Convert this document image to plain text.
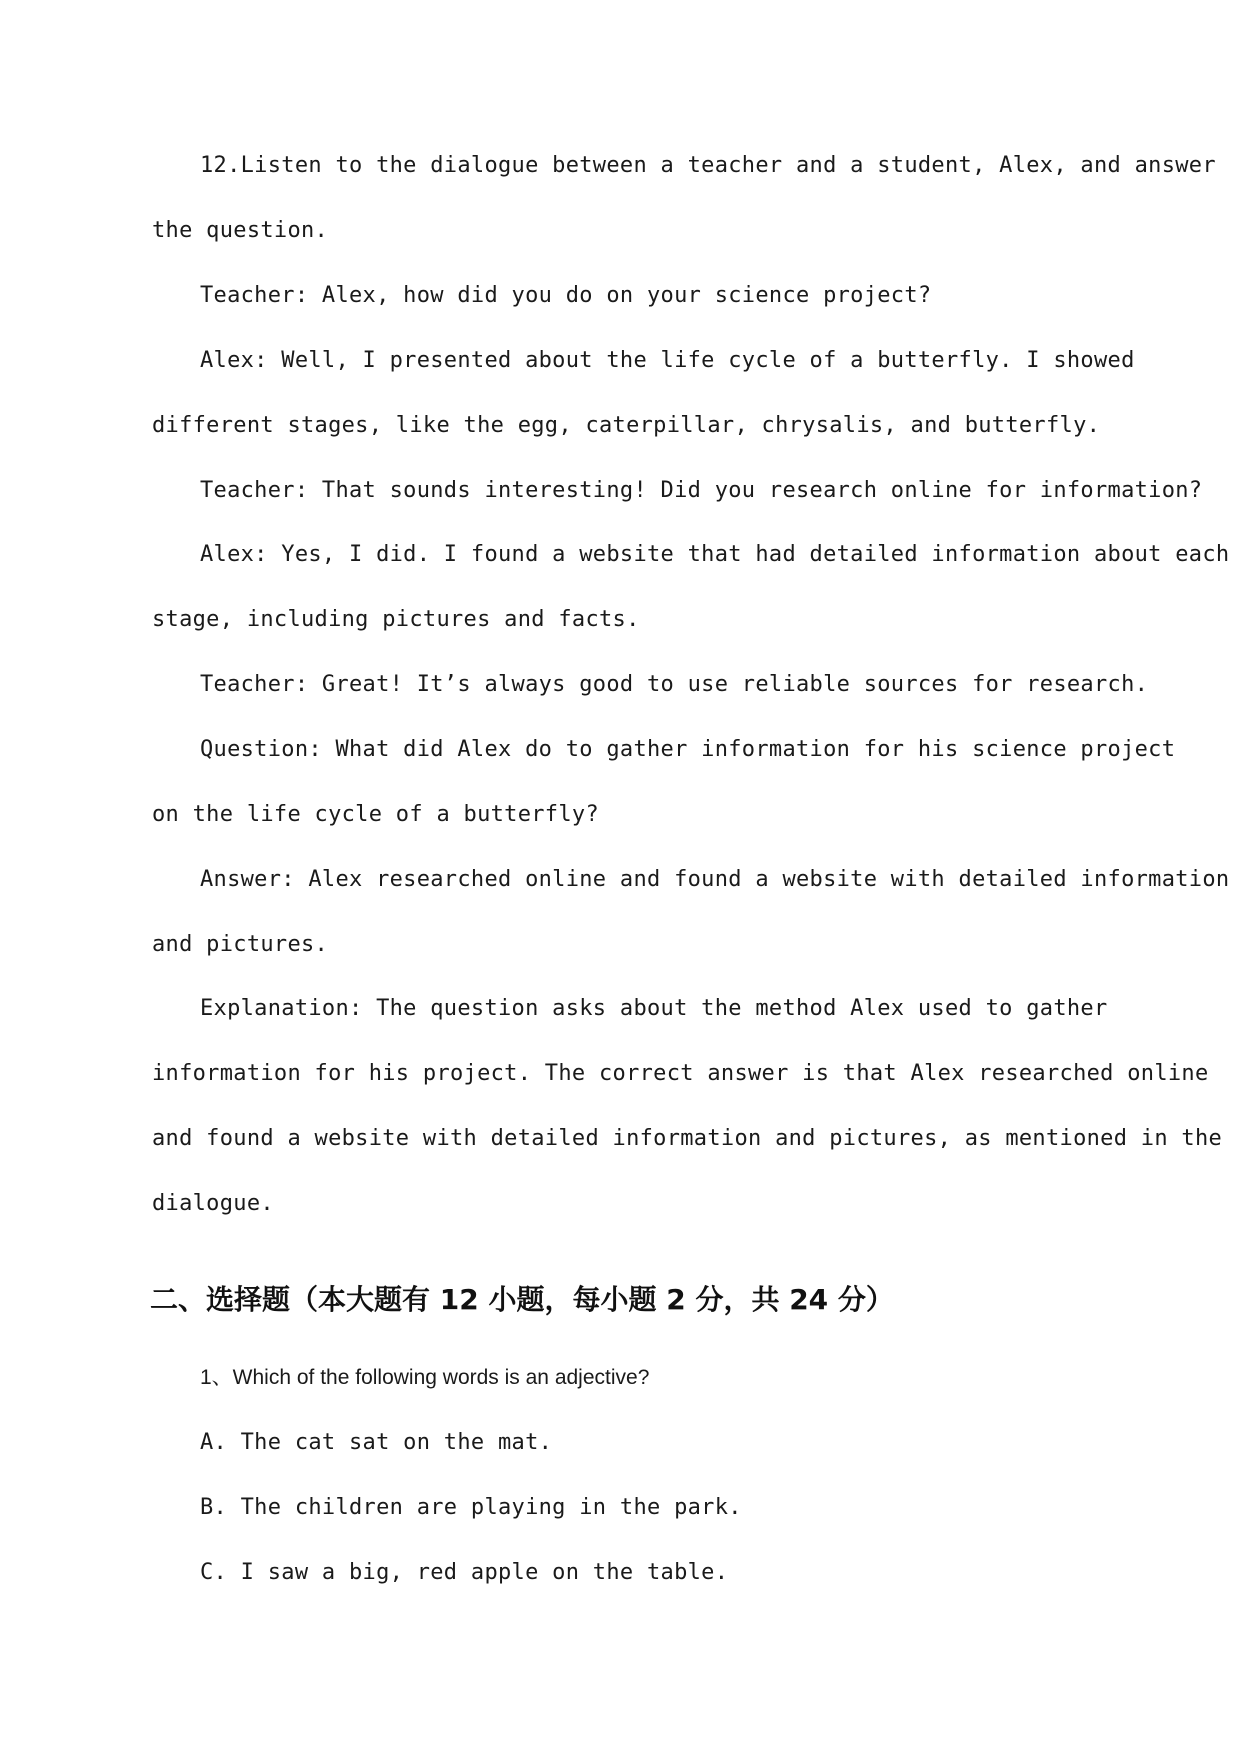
12.Listen to the dialogue between a teacher and a student, Alex, and answer
the question.
Teacher: Alex, how did you do on your science project?
Alex: Well, I presented about the life cycle of a butterfly. I showed
different stages, like the egg, caterpillar, chrysalis, and butterfly.
Teacher: That sounds interesting! Did you research online for information?
Alex: Yes, I did. I found a website that had detailed information about each
stage, including pictures and facts.
Teacher: Great! It’s always good to use reliable sources for research.
Question: What did Alex do to gather information for his science project
on the life cycle of a butterfly?
Answer: Alex researched online and found a website with detailed information
and pictures.
Explanation: The question asks about the method Alex used to gather
information for his project. The correct answer is that Alex researched online
and found a website with detailed information and pictures, as mentioned in the
dialogue.
二、选择题（本大题有 12 小题，每小题 2 分，共 24 分）
1、Which of the following words is an adjective?
A. The cat sat on the mat.
B. The children are playing in the park.
C. I saw a big, red apple on the table.
